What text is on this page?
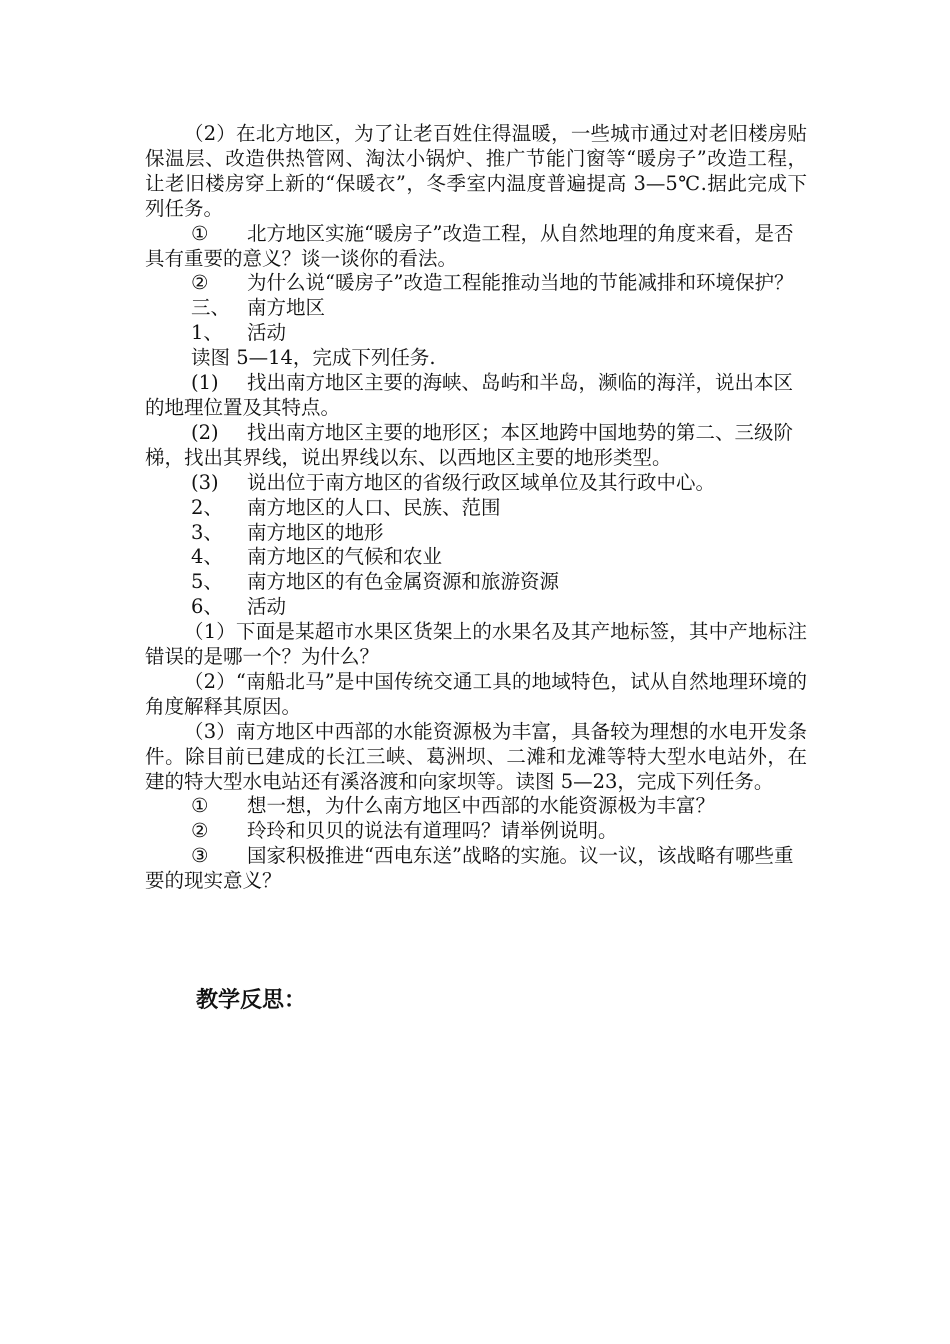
（2）在北方地区，为了让老百姓住得温暖，一些城市通过对老旧楼房贴保温层、改造供热管网、淘汰小锅炉、推广节能门窗等“暖房子”改造工程，让老旧楼房穿上新的“保暖衣”，冬季室内温度普遍提高 3—5℃.据此完成下列任务。

① 北方地区实施“暖房子”改造工程，从自然地理的角度来看，是否具有重要的意义？谈一谈你的看法。

② 为什么说“暖房子”改造工程能推动当地的节能减排和环境保护？

三、 南方地区

1、 活动

读图 5—14，完成下列任务.

(1) 找出南方地区主要的海峡、岛屿和半岛，濒临的海洋，说出本区的地理位置及其特点。

(2) 找出南方地区主要的地形区；本区地跨中国地势的第二、三级阶梯，找出其界线，说出界线以东、以西地区主要的地形类型。

(3) 说出位于南方地区的省级行政区域单位及其行政中心。

2、 南方地区的人口、民族、范围

3、 南方地区的地形

4、 南方地区的气候和农业

5、 南方地区的有色金属资源和旅游资源

6、 活动

（1）下面是某超市水果区货架上的水果名及其产地标签，其中产地标注错误的是哪一个？为什么？

（2）“南船北马”是中国传统交通工具的地域特色，试从自然地理环境的角度解释其原因。

（3）南方地区中西部的水能资源极为丰富，具备较为理想的水电开发条件。除目前已建成的长江三峡、葛洲坝、二滩和龙滩等特大型水电站外，在建的特大型水电站还有溪洛渡和向家坝等。读图 5—23，完成下列任务。

① 想一想，为什么南方地区中西部的水能资源极为丰富？

② 玲玲和贝贝的说法有道理吗？请举例说明。

③ 国家积极推进“西电东送”战略的实施。议一议，该战略有哪些重要的现实意义？

教学反思：
